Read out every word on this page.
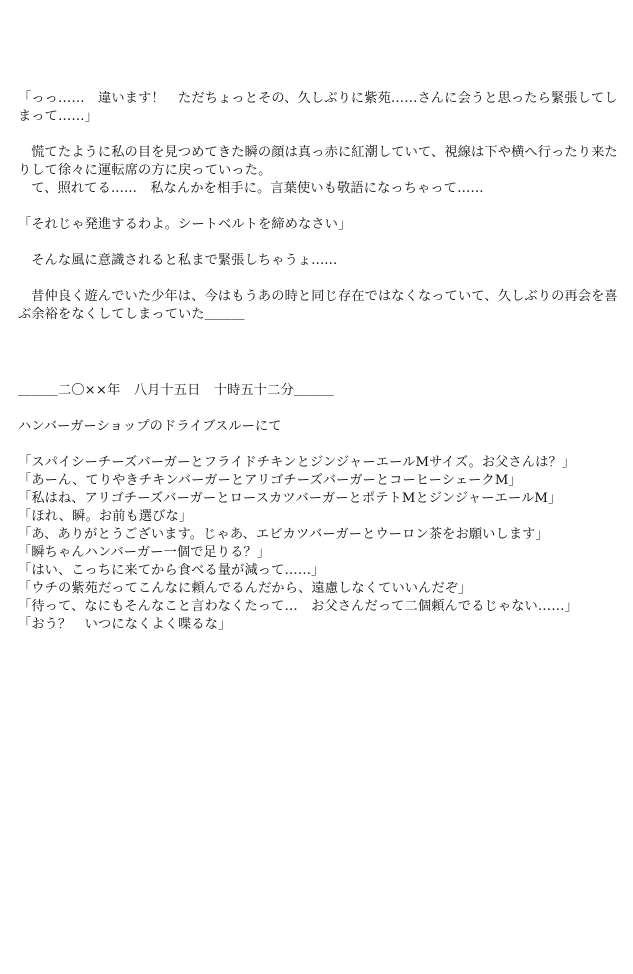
「っっ……　違います！　ただちょっとその、久しぶりに紫苑……さんに会うと思ったら緊張してしまって……」

慌てたように私の目を見つめてきた瞬の顔は真っ赤に紅潮していて、視線は下や横へ行ったり来たりして徐々に運転席の方に戻っていった。

て、照れてる......　私なんかを相手に。言葉使いも敬語になっちゃって……

「それじゃ発進するわよ。シートベルトを締めなさい」

そんな風に意識されると私まで緊張しちゃうょ......

昔仲良く遊んでいた少年は、今はもうあの時と同じ存在ではなくなっていて、久しぶりの再会を喜ぶ余裕をなくしてしまっていた＿＿＿

＿＿＿二〇××年　八月十五日　十時五十二分＿＿＿

ハンバーガーショップのドライブスルーにて

「スパイシーチーズバーガーとフライドチキンとジンジャーエールMサイズ。お父さんは？」
「あーん、てりやきチキンバーガーとアリゴチーズバーガーとコーヒーシェークM」
「私はね、アリゴチーズバーガーとロースカツバーガーとポテトMとジンジャーエールM」
「ほれ、瞬。お前も選びな」
「あ、ありがとうございます。じゃあ、エビカツバーガーとウーロン茶をお願いします」
「瞬ちゃんハンバーガー一個で足りる？」
「はい、こっちに来てから食べる量が減って……」
「ウチの紫苑だってこんなに頼んでるんだから、遠慮しなくていいんだぞ」
「待って、なにもそんなこと言わなくたって…　お父さんだって二個頼んでるじゃない……」
「おう？　いつになくよく喋るな」
